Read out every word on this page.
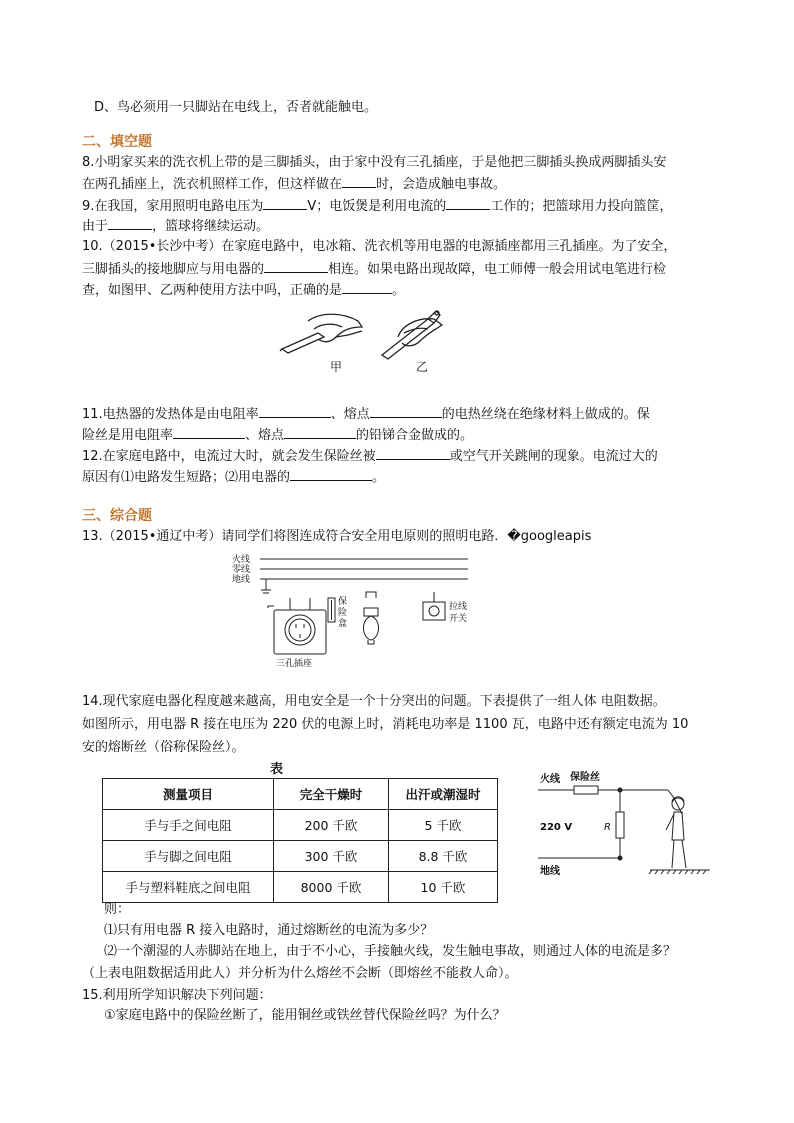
D、鸟必须用一只脚站在电线上，否者就能触电。
二、填空题
8.小明家买来的洗衣机上带的是三脚插头，由于家中没有三孔插座，于是他把三脚插头换成两脚插头安
在两孔插座上，洗衣机照样工作，但这样做在	时，会造成触电事故。
9.在我国，家用照明电路电压为	V；电饭煲是利用电流的	工作的；把篮球用力投向篮筐，
由于	，篮球将继续运动。
10.（2015•长沙中考）在家庭电路中，电冰箱、洗衣机等用电器的电源插座都用三孔插座。为了安全，
三脚插头的接地脚应与用电器的	相连。如果电路出现故障，电工师傅一般会用试电笔进行检
查，如图甲、乙两种使用方法中吗，正确的是	。
甲	乙
11.电热器的发热体是由电阻率	、熔点	的电热丝绕在绝缘材料上做成的。保
险丝是用电阻率	、熔点	的铅锑合金做成的。
12.在家庭电路中，电流过大时，就会发生保险丝被	或空气开关跳闸的现象。电流过大的
原因有⑴电路发生短路；⑵用电器的	。
三、综合题
13.（2015•通辽中考）请同学们将图连成符合安全用电原则的照明电路．�googleapis
火线
零线
地线
保险盒
拉线
开关
三孔插座
14.现代家庭电器化程度越来越高，用电安全是一个十分突出的问题。下表提供了一组人体 电阻数据。
如图所示，用电器 R 接在电压为 220 伏的电源上时，消耗电功率是 1100 瓦，电路中还有额定电流为 10
安的熔断丝（俗称保险丝）。
表
测量项目	完全干燥时	出汗或潮湿时
手与手之间电阻	200 千欧	5 千欧
手与脚之间电阻	300 千欧	8.8 千欧
手与塑料鞋底之间电阻	8000 千欧	10 千欧
火线 保险丝
220 V	R
地线
则：
⑴只有用电器 R 接入电路时，通过熔断丝的电流为多少？
⑵一个潮湿的人赤脚站在地上，由于不小心，手接触火线，发生触电事故，则通过人体的电流是多？
（上表电阻数据适用此人）并分析为什么熔丝不会断（即熔丝不能救人命）。
15.利用所学知识解决下列问题：
①家庭电路中的保险丝断了，能用铜丝或铁丝替代保险丝吗？为什么？
